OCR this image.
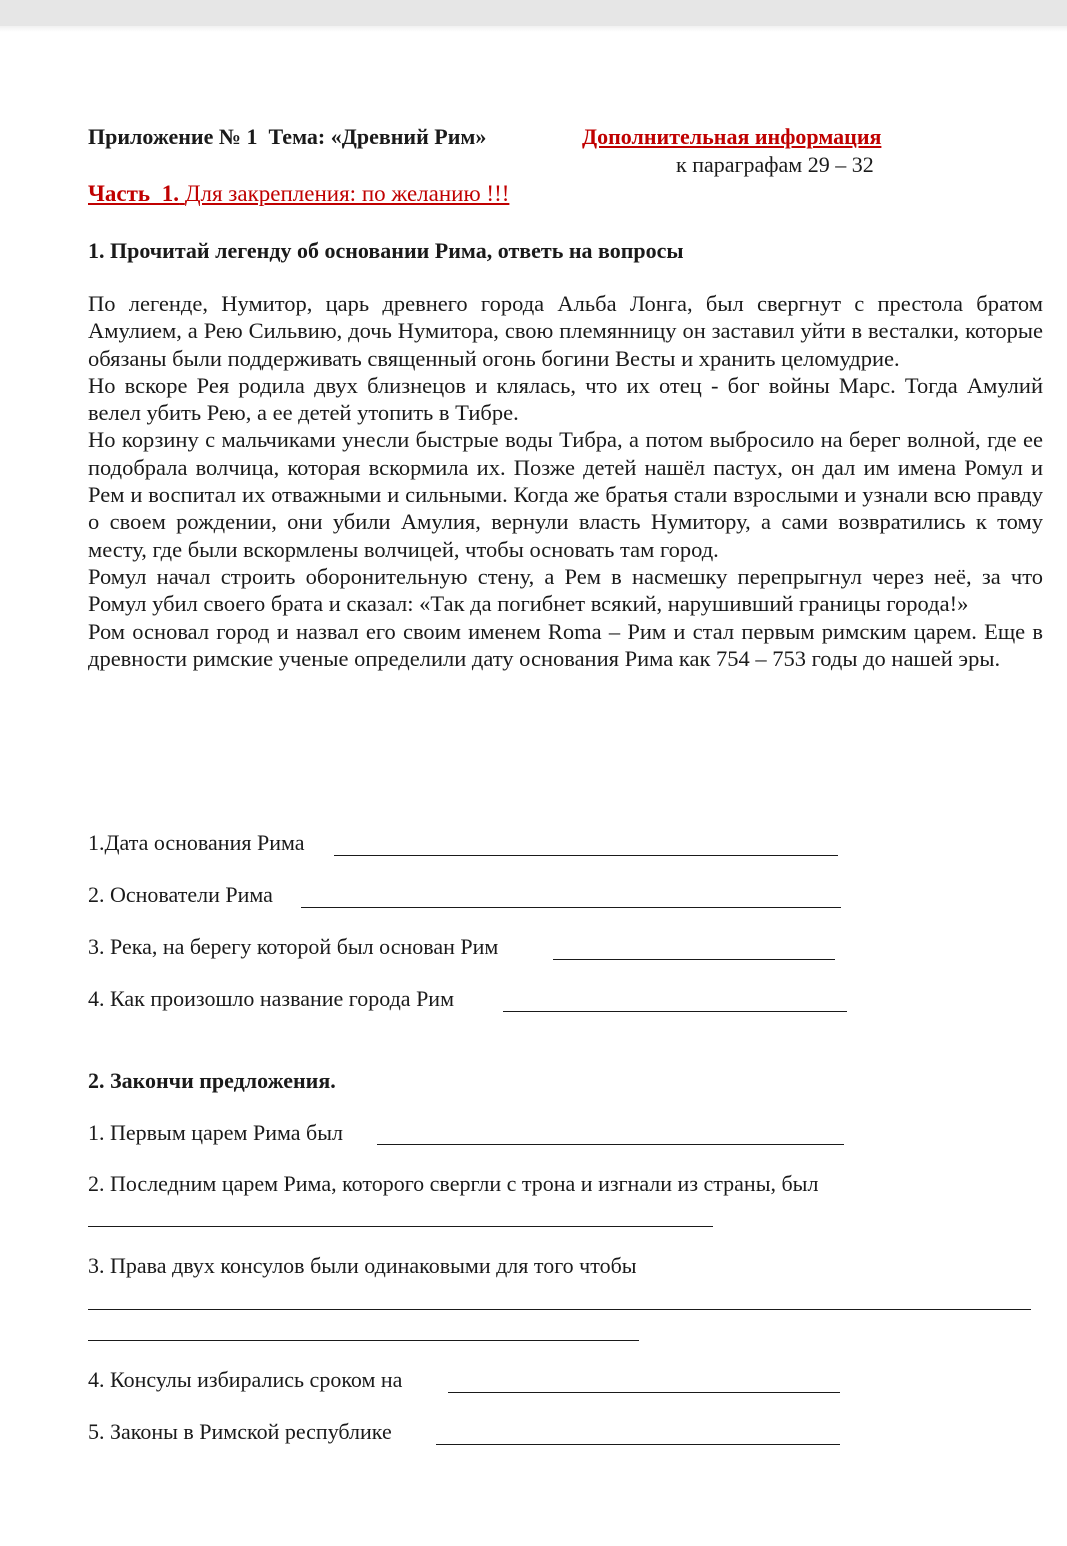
Приложение № 1 Тема: «Древний Рим»	Дополнительная информация
к параграфам 29 – 32
Часть 1. Для закрепления: по желанию !!!
1. Прочитай легенду об основании Рима, ответь на вопросы

По легенде, Нумитор, царь древнего города Альба Лонга, был свергнут с престола братом Амулием, а Рею Сильвию, дочь Нумитора, свою племянницу он заставил уйти в весталки, которые обязаны были поддерживать священный огонь богини Весты и хранить целомудрие.

Но вскоре Рея родила двух близнецов и клялась, что их отец - бог войны Марс. Тогда Амулий велел убить Рею, а ее детей утопить в Тибре.

Но корзину с мальчиками унесли быстрые воды Тибра, а потом выбросило на берег волной, где ее подобрала волчица, которая вскормила их. Позже детей нашёл пастух, он дал им имена Ромул и Рем и воспитал их отважными и сильными. Когда же братья стали взрослыми и узнали всю правду о своем рождении, они убили Амулия, вернули власть Нумитору, а сами возвратились к тому месту, где были вскормлены волчицей, чтобы основать там город.

Ромул начал строить оборонительную стену, а Рем в насмешку перепрыгнул через неё, за что Ромул убил своего брата и сказал: «Так да погибнет всякий, нарушивший границы города!»

Ром основал город и назвал его своим именем Roma – Рим и стал первым римским царем. Еще в древности римские ученые определили дату основания Рима как 754 – 753 годы до нашей эры.

1.Дата основания Рима
2. Основатели Рима
3. Река, на берегу которой был основан Рим
4. Как произошло название города Рим
2. Закончи предложения.
1. Первым царем Рима был
2. Последним царем Рима, которого свергли с трона и изгнали из страны, был
3. Права двух консулов были одинаковыми для того чтобы
4. Консулы избирались сроком на
5. Законы в Римской республике
